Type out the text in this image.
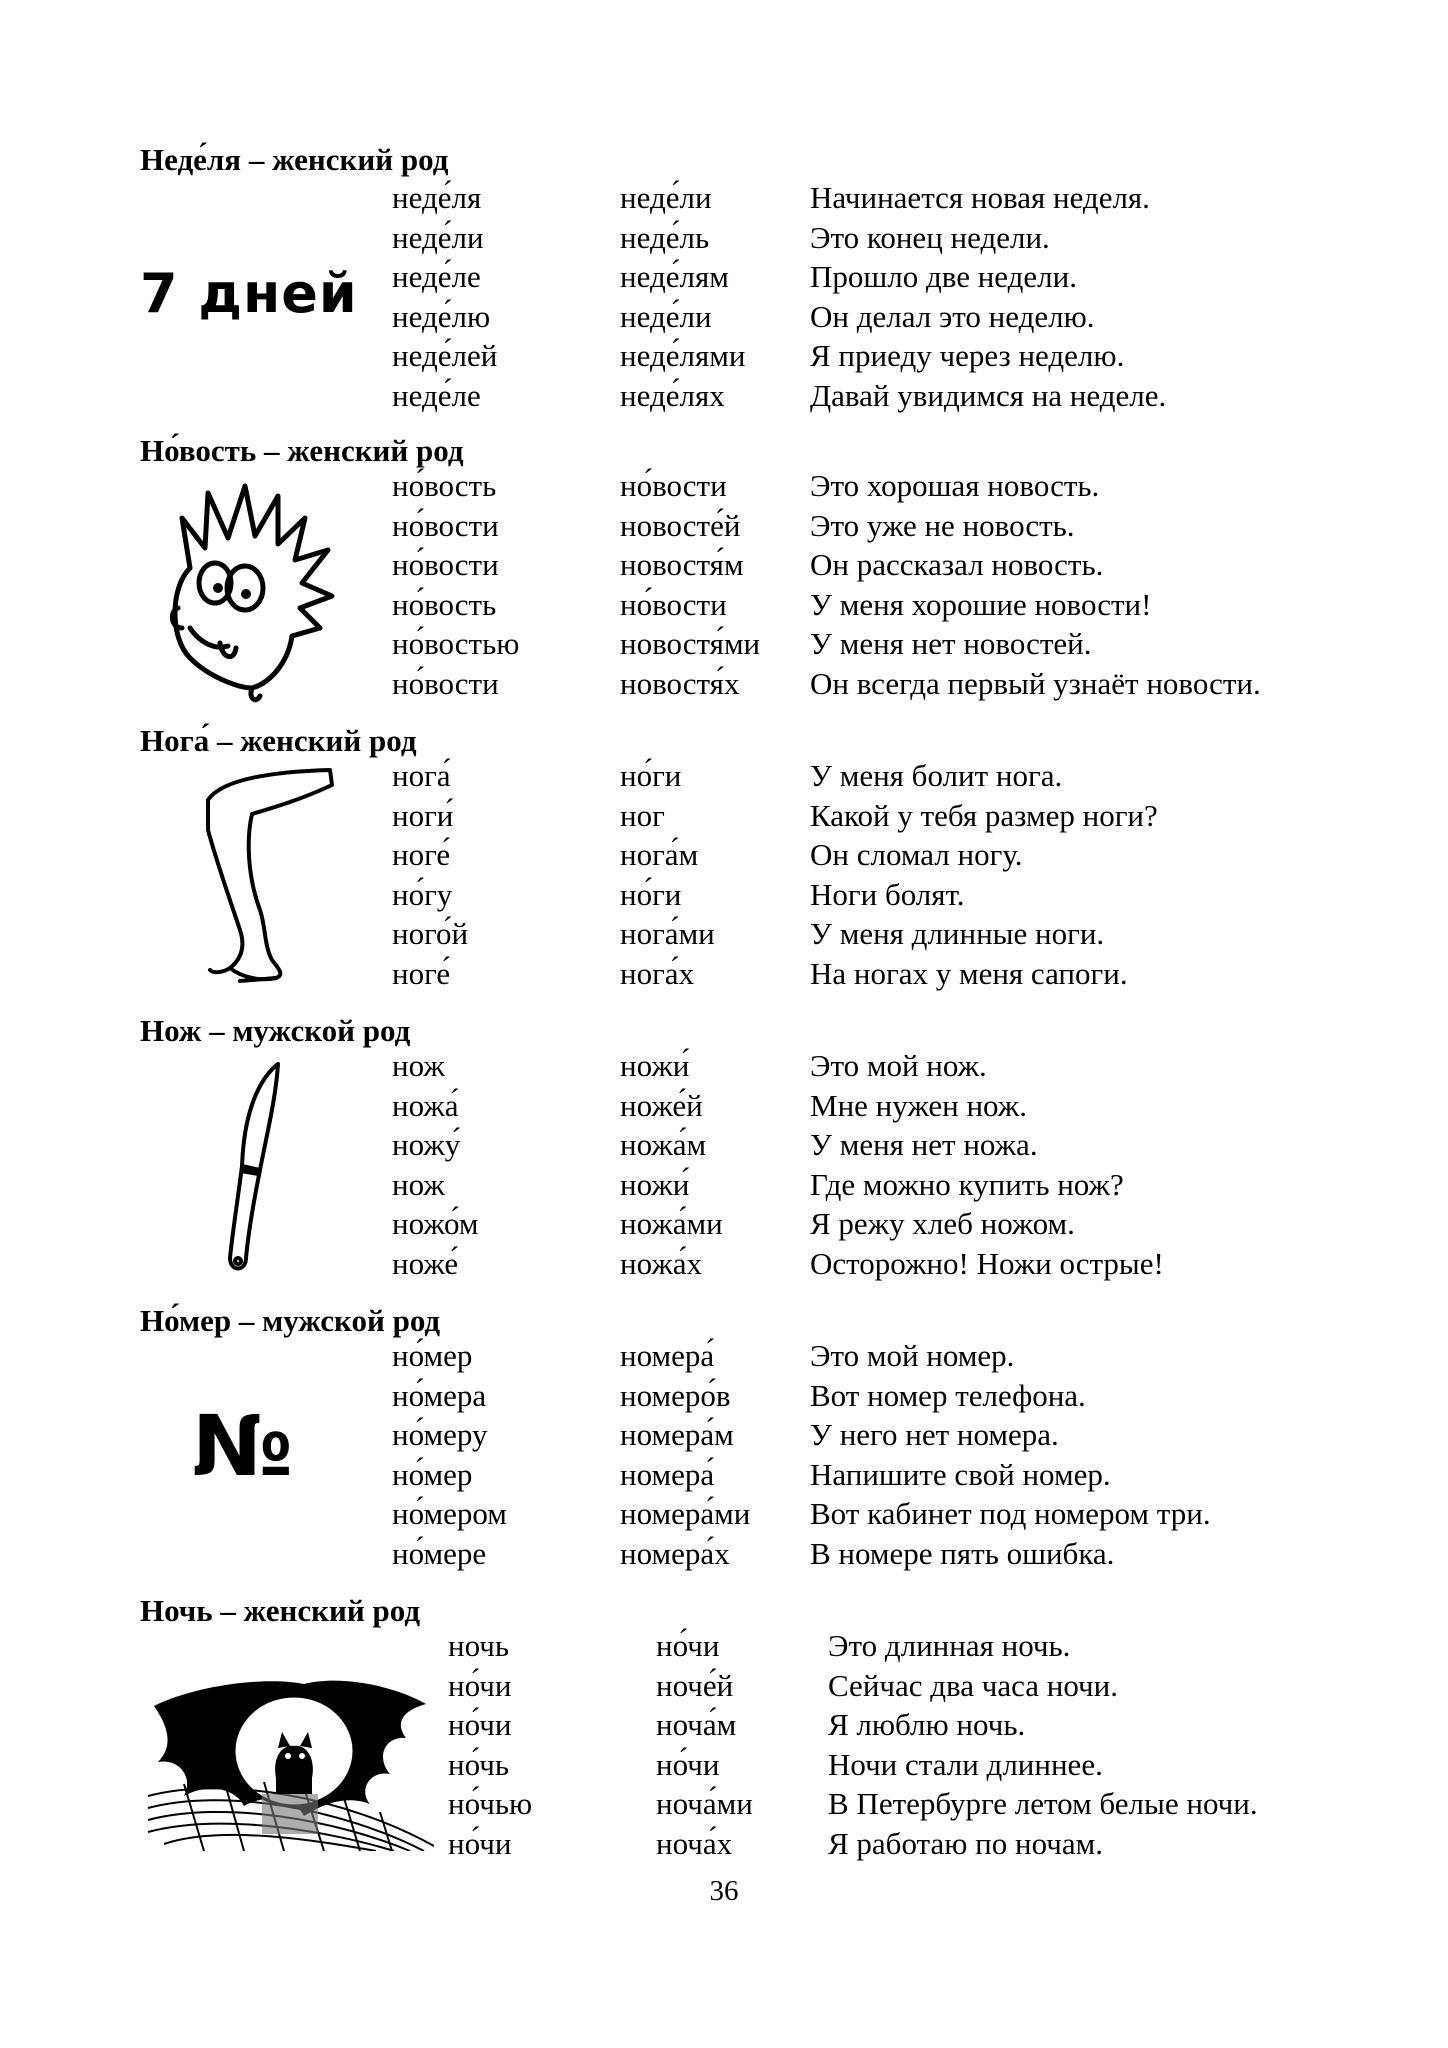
Неде́ля – женский род
7 дней
неде́ля	неде́ли	Начинается новая неделя.
неде́ли	неде́ль	Это конец недели.
неде́ле	неде́лям	Прошло две недели.
неде́лю	неде́ли	Он делал это неделю.
неде́лей	неде́лями Я приеду через неделю.
неде́ле	неде́лях	Давай увидимся на неделе.
Но́вость – женский род
но́вость	но́вости	Это хорошая новость.
но́вости	новосте́й Это уже не новость.
но́вости	новостя́м Он рассказал новость.
но́вость	но́вости	У меня хорошие новости!
но́востью	новостя́ми У меня нет новостей.
но́вости	новостя́х Он всегда первый узнаёт новости.
Нога́ – женский род
нога́	но́ги	У меня болит нога.
ноги́	ног	Какой у тебя размер ноги?
ноге́	нога́м	Он сломал ногу.
но́гу	но́ги	Ноги болят.
ного́й	нога́ми	У меня длинные ноги.
ноге́	нога́х	На ногах у меня сапоги.
Нож – мужской род
нож	ножи́	Это мой нож.
ножа́	ноже́й	Мне нужен нож.
ножу́	ножа́м	У меня нет ножа.
нож	ножи́	Где можно купить нож?
ножо́м	ножа́ми	Я режу хлеб ножом.
ноже́	ножа́х	Осторожно! Ножи острые!
Но́мер – мужской род
№
но́мер	номера́	Это мой номер.
но́мера	номеро́в	Вот номер телефона.
но́меру	номера́м У него нет номера.
но́мер	номера́	Напишите свой номер.
но́мером	номера́ми Вот кабинет под номером три.
но́мере	номера́х	В номере пять ошибка.
Ночь – женский род
ночь	но́чи	Это длинная ночь.
но́чи	ноче́й	Сейчас два часа ночи.
но́чи	ноча́м	Я люблю ночь.
но́чь	но́чи	Ночи стали длиннее.
но́чью	ноча́ми В Петербурге летом белые ночи.
но́чи	ноча́х	Я работаю по ночам.
36
